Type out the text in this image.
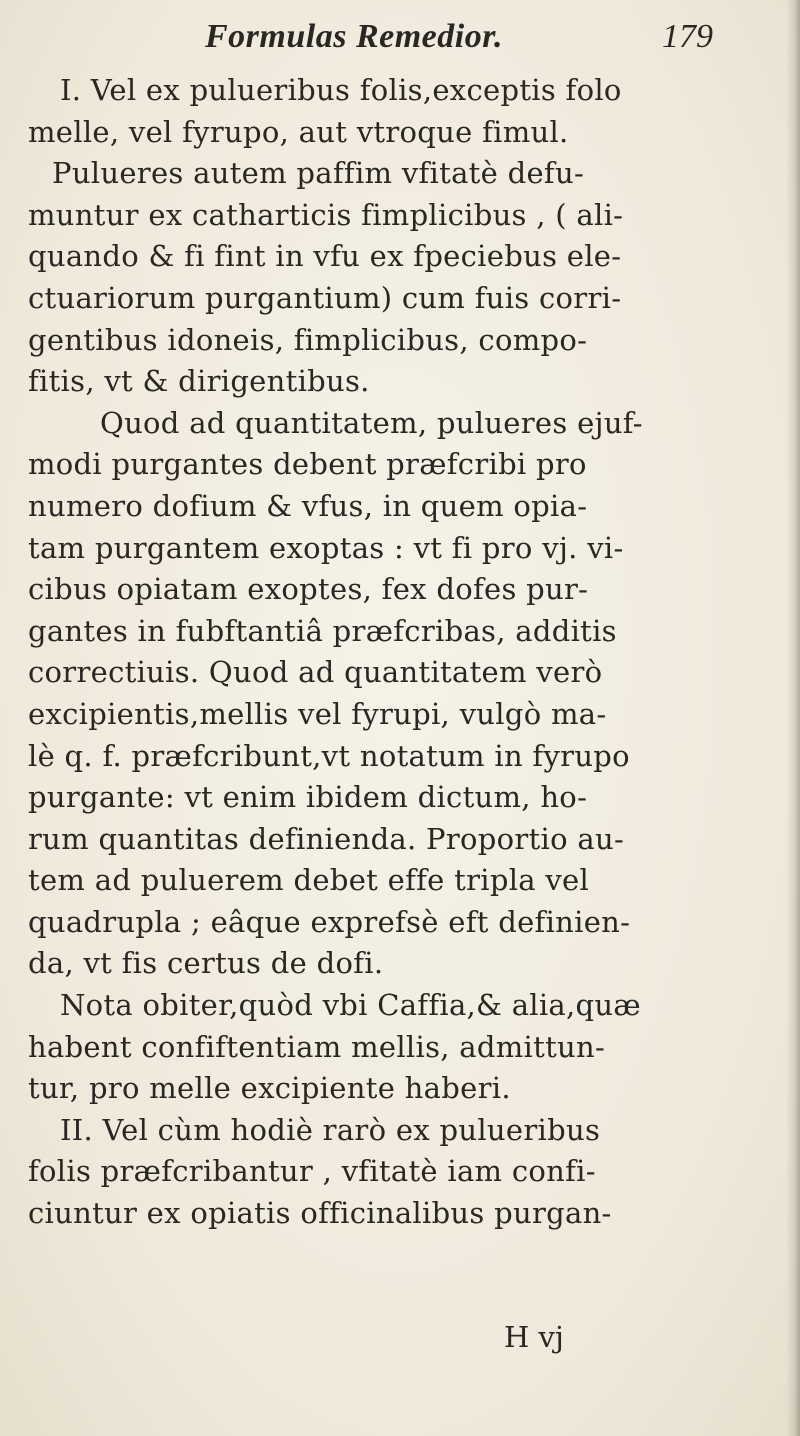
Formulas Remedior.	179
I. Vel ex pulueribus folis,exceptis folo
melle, vel fyrupo, aut vtroque fimul.
Pulueres autem paffim vfitatè defu-
muntur ex catharticis fimplicibus , ( ali-
quando & fi fint in vfu ex fpeciebus ele-
ctuariorum purgantium) cum fuis corri-
gentibus idoneis, fimplicibus, compo-
fitis, vt & dirigentibus.
Quod ad quantitatem, pulueres ejuf-
modi purgantes debent præfcribi pro
numero dofium & vfus, in quem opia-
tam purgantem exoptas : vt fi pro vj. vi-
cibus opiatam exoptes, fex dofes pur-
gantes in fubftantiâ præfcribas, additis
correctiuis. Quod ad quantitatem verò
excipientis,mellis vel fyrupi, vulgò ma-
lè q. f. præfcribunt,vt notatum in fyrupo
purgante: vt enim ibidem dictum, ho-
rum quantitas definienda. Proportio au-
tem ad puluerem debet effe tripla vel
quadrupla ; eâque exprefsè eft definien-
da, vt fis certus de dofi.
Nota obiter,quòd vbi Caffia,& alia,quæ
habent confiftentiam mellis, admittun-
tur, pro melle excipiente haberi.
II. Vel cùm hodiè rarò ex pulueribus
folis præfcribantur , vfitatè iam confi-
ciuntur ex opiatis officinalibus purgan-
H vj
